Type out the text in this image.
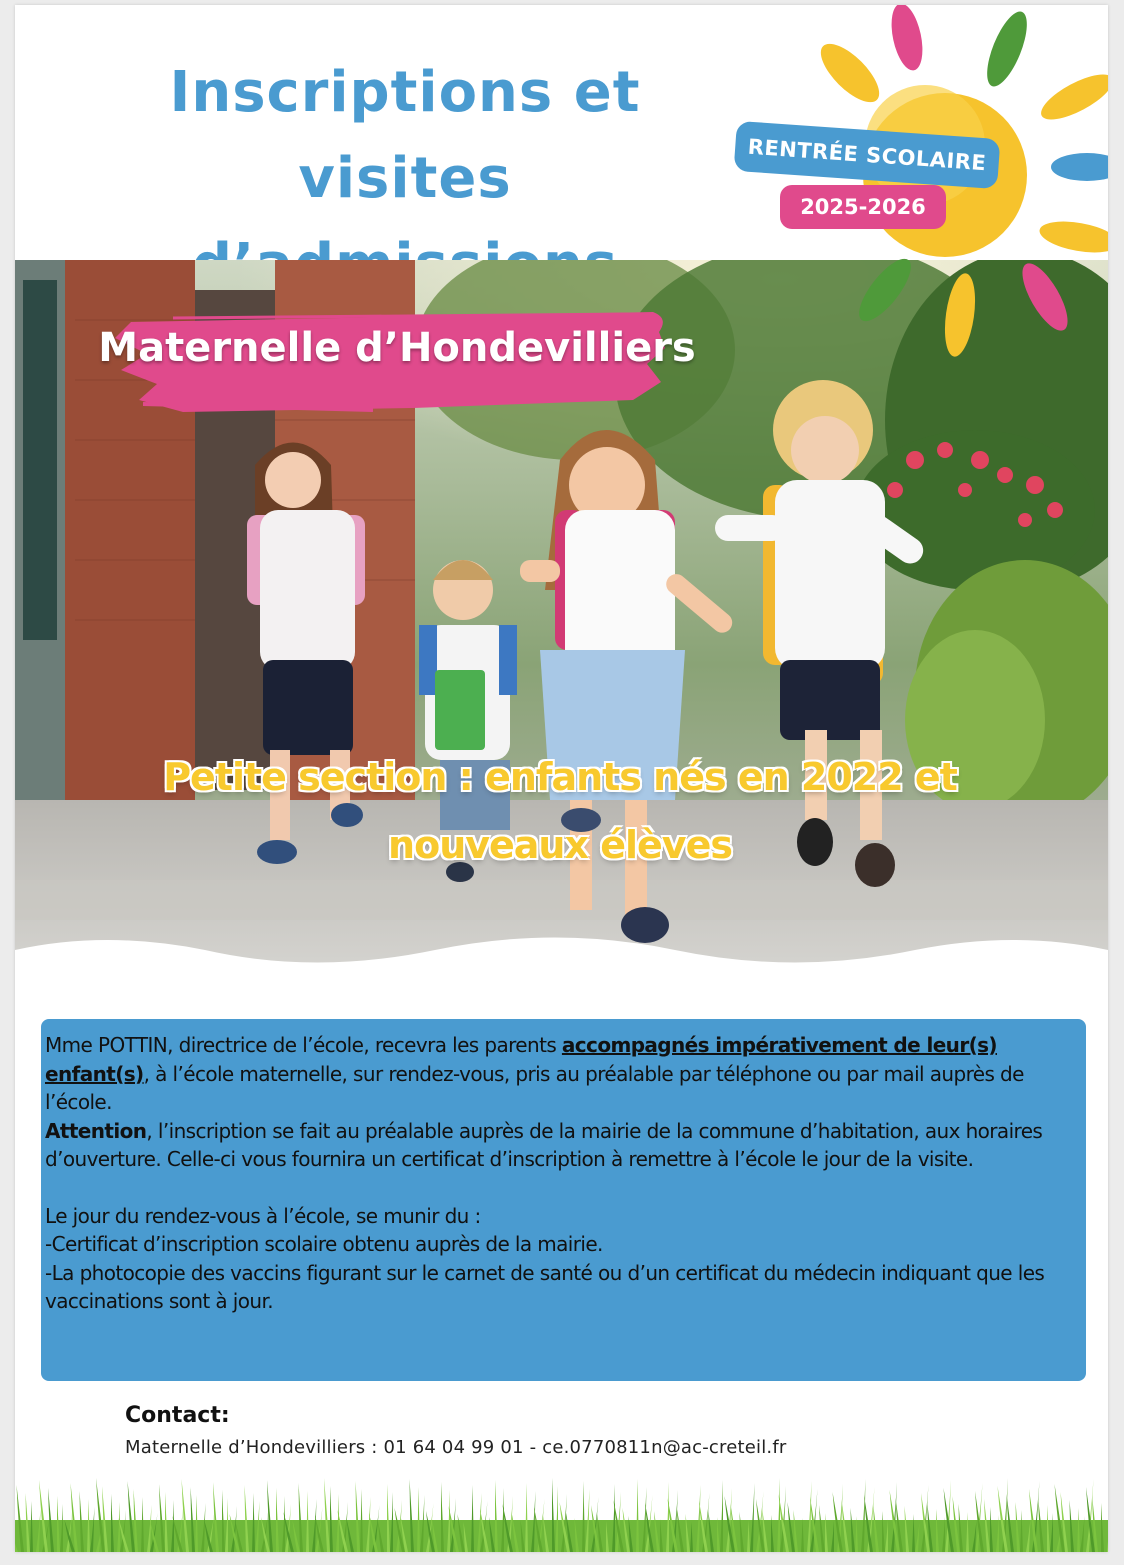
Inscriptions et
visites
Maternelle d’Hondevilliers
RENTRÉE SCOLAIRE
2025-2026
Petite section : enfants nés en 2022 et
nouveaux élèves

Mme POTTIN, directrice de l’école, recevra les parents accompagnés impérativement de leur(s) enfant(s), à l’école maternelle, sur rendez-vous, pris au préalable par téléphone ou par mail auprès de l’école.

Attention, l’inscription se fait au préalable auprès de la mairie de la commune d’habitation, aux horaires d’ouverture. Celle-ci vous fournira un certificat d’inscription à remettre à l’école le jour de la visite.

Le jour du rendez-vous à l’école, se munir du :

-Certificat d’inscription scolaire obtenu auprès de la mairie.

-La photocopie des vaccins figurant sur le carnet de santé ou d’un certificat du médecin indiquant que les vaccinations sont à jour.

Contact:
Maternelle d’Hondevilliers : 01 64 04 99 01 - ce.0770811n@ac-creteil.fr
